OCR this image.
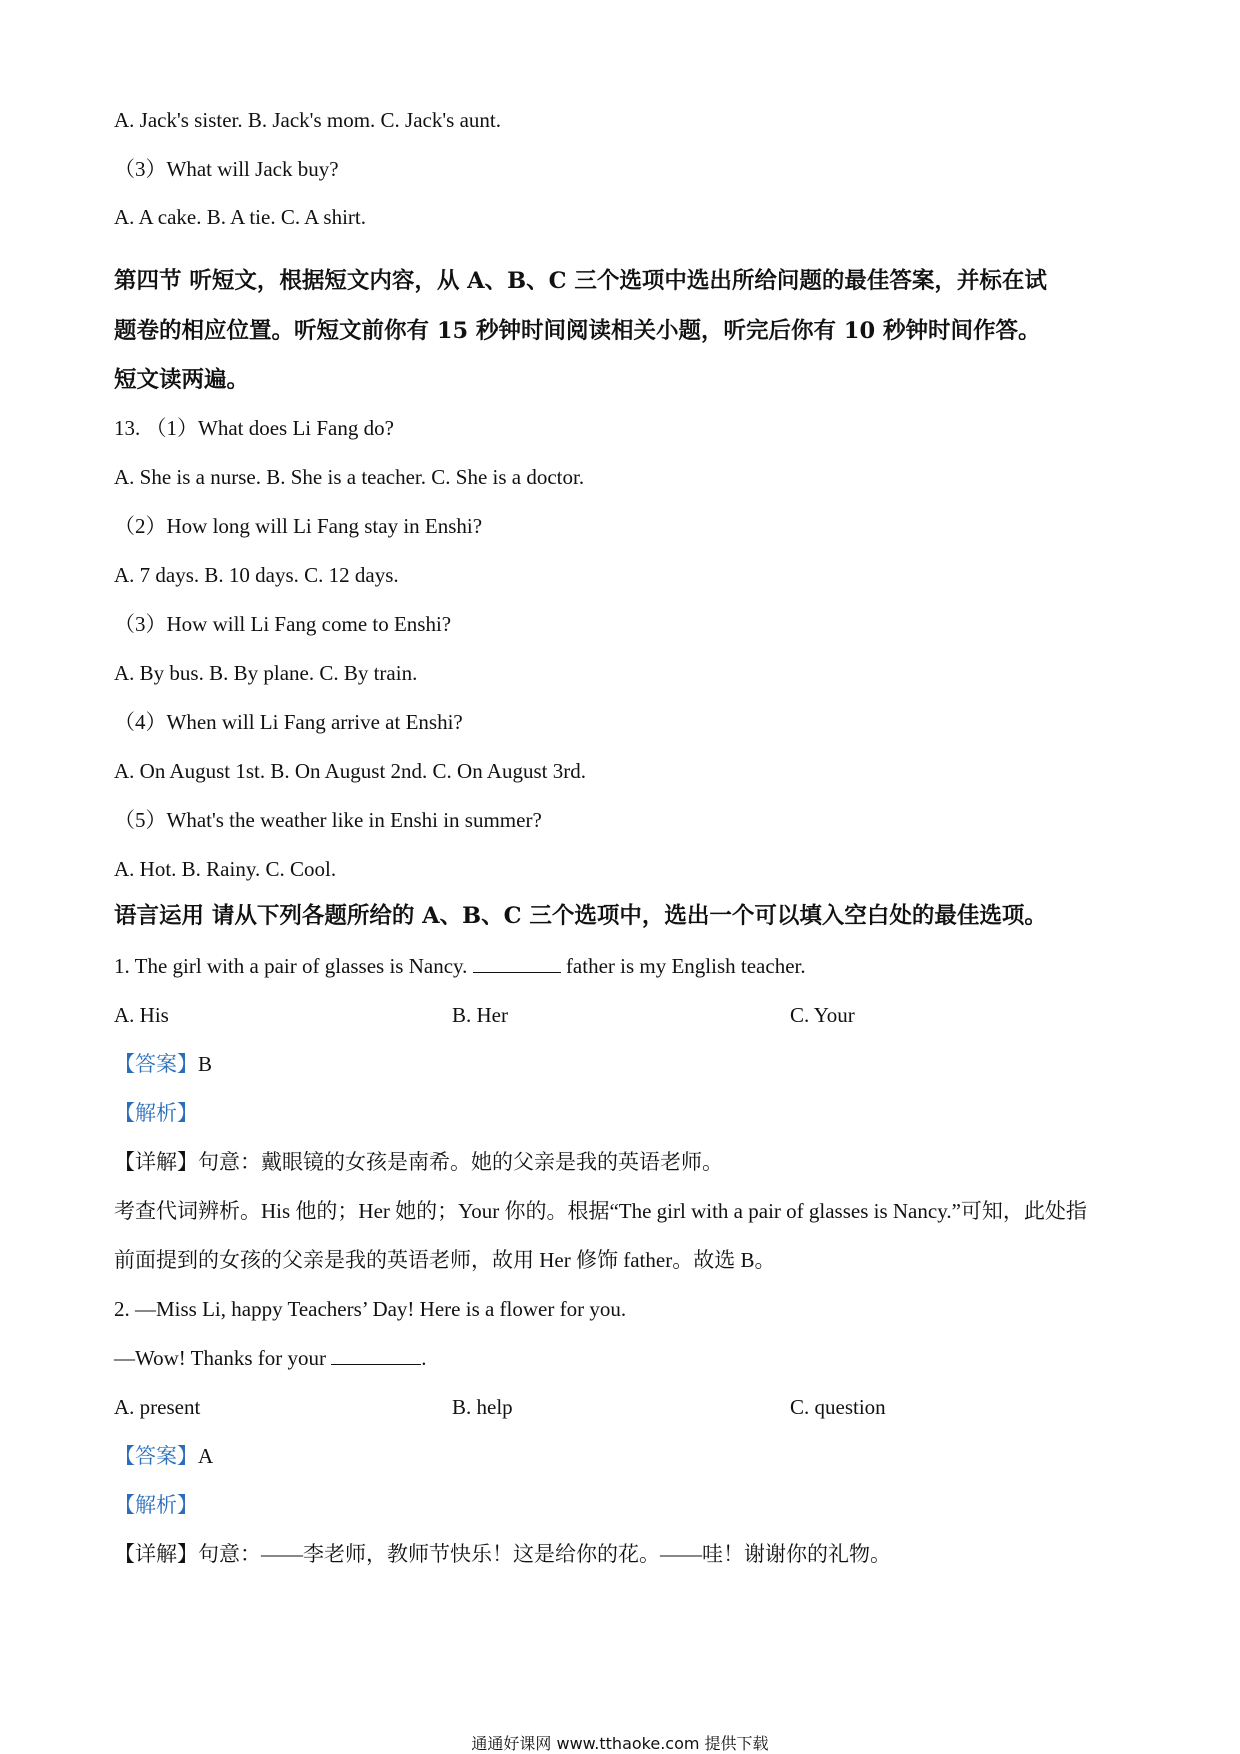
A. Jack's sister. B. Jack's mom. C. Jack's aunt.
（3）What will Jack buy?
A. A cake. B. A tie. C. A shirt.
第四节 听短文，根据短文内容，从 A、B、C 三个选项中选出所给问题的最佳答案，并标在试
题卷的相应位置。听短文前你有 15 秒钟时间阅读相关小题，听完后你有 10 秒钟时间作答。
短文读两遍。
13. （1）What does Li Fang do?
A. She is a nurse. B. She is a teacher. C. She is a doctor.
（2）How long will Li Fang stay in Enshi?
A. 7 days. B. 10 days. C. 12 days.
（3）How will Li Fang come to Enshi?
A. By bus. B. By plane. C. By train.
（4）When will Li Fang arrive at Enshi?
A. On August 1st. B. On August 2nd. C. On August 3rd.
（5）What's the weather like in Enshi in summer?
A. Hot. B. Rainy. C. Cool.
语言运用 请从下列各题所给的 A、B、C 三个选项中，选出一个可以填入空白处的最佳选项。
1. The girl with a pair of glasses is Nancy.	father is my English teacher.
A. His	B. Her	C. Your
【答案】B
【解析】
【详解】句意：戴眼镜的女孩是南希。她的父亲是我的英语老师。
考查代词辨析。His 他的；Her 她的；Your 你的。根据“The girl with a pair of glasses is Nancy.”可知，此处指
前面提到的女孩的父亲是我的英语老师，故用 Her 修饰 father。故选 B。
2. —Miss Li, happy Teachers’ Day! Here is a flower for you.
—Wow! Thanks for your	.
A. present	B. help	C. question
【答案】A
【解析】
【详解】句意：——李老师，教师节快乐！这是给你的花。——哇！谢谢你的礼物。
通通好课网 www.tthaoke.com 提供下载
